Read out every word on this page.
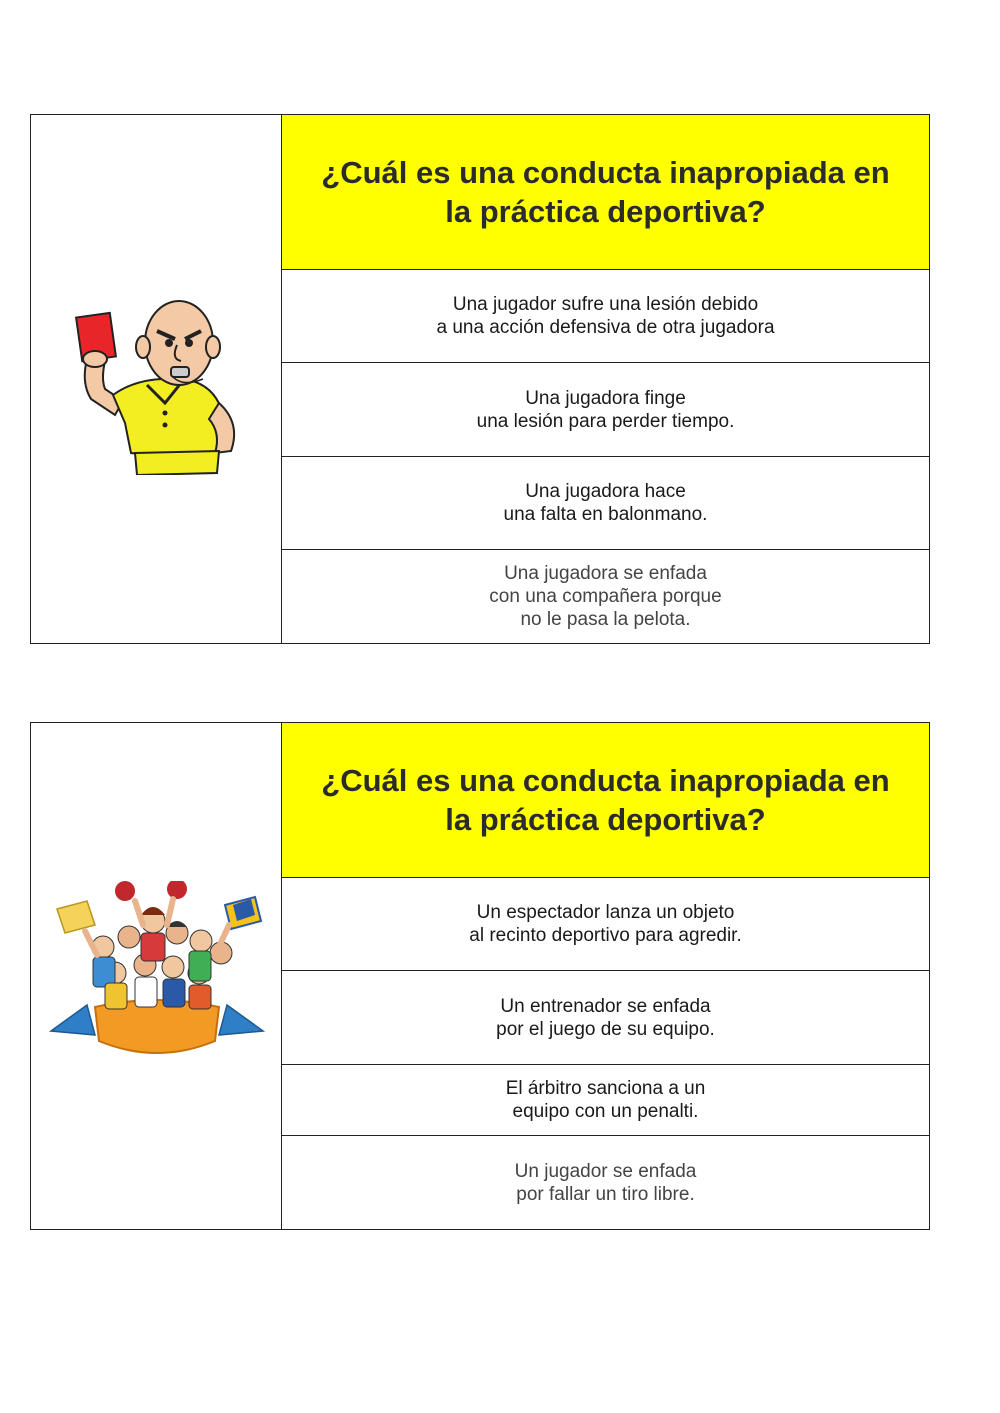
¿Cuál es una conducta inapropiada en
la práctica deportiva?
Una jugador sufre una lesión debido
a una acción defensiva de otra jugadora
Una jugadora finge
una lesión para perder tiempo.
Una jugadora hace
una falta en balonmano.
Una jugadora se enfada
con una compañera porque
no le pasa la pelota.
¿Cuál es una conducta inapropiada en
la práctica deportiva?
Un espectador lanza un objeto
al recinto deportivo para agredir.
Un entrenador se enfada
por el juego de su equipo.
El árbitro sanciona a un
equipo con un penalti.
Un jugador se enfada
por fallar un tiro libre.
